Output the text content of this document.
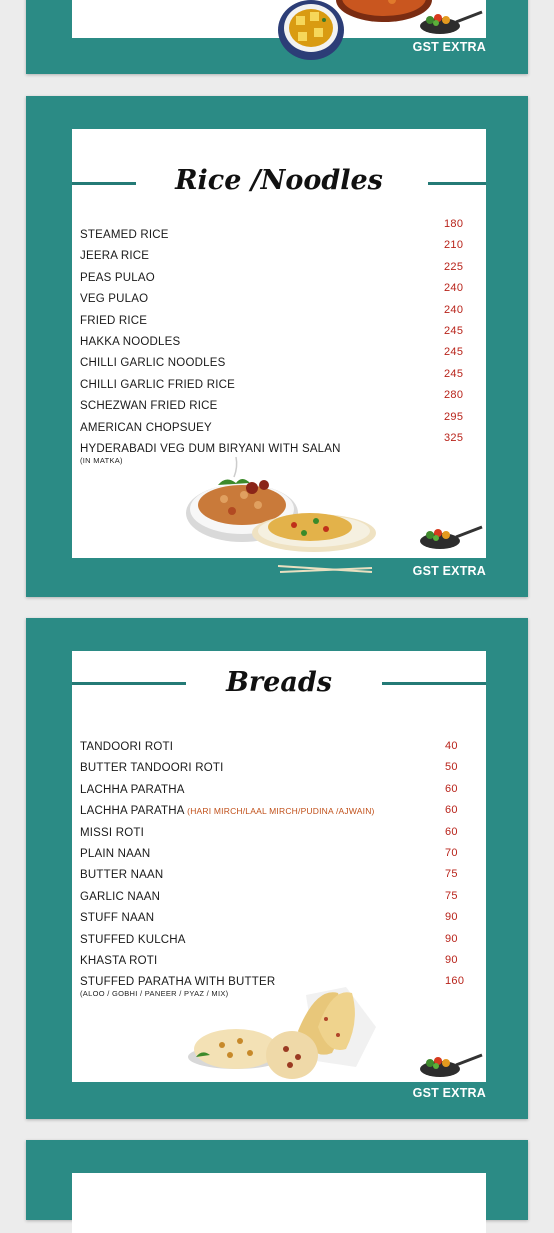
GST EXTRA
Rice /Noodles
STEAMED RICE
180
JEERA RICE
210
PEAS PULAO
225
VEG PULAO
240
FRIED RICE
240
HAKKA NOODLES
245
CHILLI GARLIC NOODLES
245
CHILLI GARLIC FRIED RICE
245
SCHEZWAN FRIED RICE
280
AMERICAN CHOPSUEY
295
HYDERABADI VEG DUM BIRYANI WITH SALAN
(IN MATKA)
325
GST EXTRA
Breads
TANDOORI ROTI	40
BUTTER TANDOORI ROTI	50
LACHHA PARATHA	60
LACHHA PARATHA (HARI MIRCH/LAAL MIRCH/PUDINA /AJWAIN)	60
MISSI ROTI	60
PLAIN NAAN	70
BUTTER NAAN	75
GARLIC NAAN	75
STUFF NAAN	90
STUFFED KULCHA	90
KHASTA ROTI	90
STUFFED PARATHA WITH BUTTER
(ALOO / GOBHI / PANEER / PYAZ / MIX)
160
GST EXTRA
